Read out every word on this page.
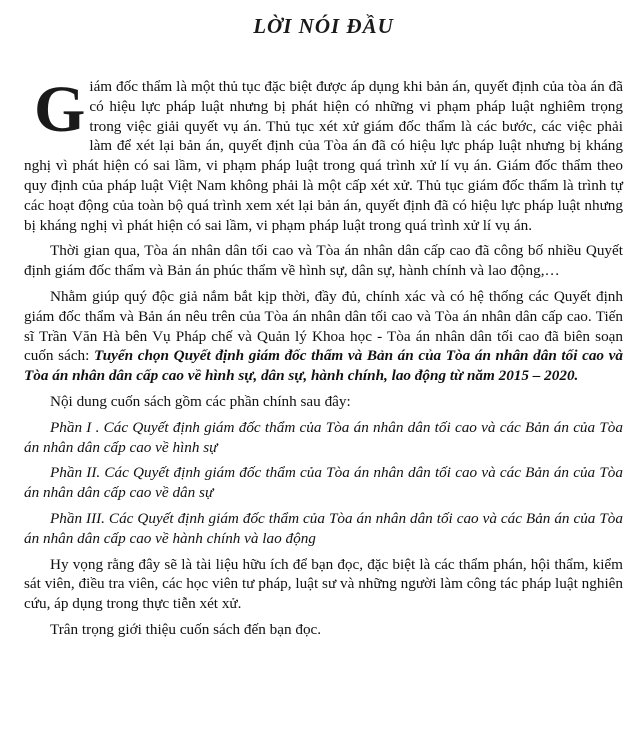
LỜI NÓI ĐẦU

Giám đốc thẩm là một thủ tục đặc biệt được áp dụng khi bản án, quyết định của tòa án đã có hiệu lực pháp luật nhưng bị phát hiện có những vi phạm pháp luật nghiêm trọng trong việc giải quyết vụ án. Thủ tục xét xử giám đốc thẩm là các bước, các việc phải làm để xét lại bản án, quyết định của Tòa án đã có hiệu lực pháp luật nhưng bị kháng nghị vì phát hiện có sai lầm, vi phạm pháp luật trong quá trình xử lí vụ án. Giám đốc thẩm theo quy định của pháp luật Việt Nam không phải là một cấp xét xử. Thủ tục giám đốc thẩm là trình tự các hoạt động của toàn bộ quá trình xem xét lại bản án, quyết định đã có hiệu lực pháp luật nhưng bị kháng nghị vì phát hiện có sai lầm, vi phạm pháp luật trong quá trình xử lí vụ án.

Thời gian qua, Tòa án nhân dân tối cao và Tòa án nhân dân cấp cao đã công bố nhiều Quyết định giám đốc thẩm và Bản án phúc thẩm về hình sự, dân sự, hành chính và lao động,…

Nhằm giúp quý độc giả nắm bắt kịp thời, đầy đủ, chính xác và có hệ thống các Quyết định giám đốc thẩm và Bản án nêu trên của Tòa án nhân dân tối cao và Tòa án nhân dân cấp cao. Tiến sĩ Trần Văn Hà bên Vụ Pháp chế và Quản lý Khoa học - Tòa án nhân dân tối cao đã biên soạn cuốn sách: Tuyển chọn Quyết định giám đốc thẩm và Bản án của Tòa án nhân dân tối cao và Tòa án nhân dân cấp cao về hình sự, dân sự, hành chính, lao động từ năm 2015 – 2020.

Nội dung cuốn sách gồm các phần chính sau đây:

Phần I . Các Quyết định giám đốc thẩm của Tòa án nhân dân tối cao và các Bản án của Tòa án nhân dân cấp cao về hình sự

Phần II. Các Quyết định giám đốc thẩm của Tòa án nhân dân tối cao và các Bản án của Tòa án nhân dân cấp cao về dân sự

Phần III. Các Quyết định giám đốc thẩm của Tòa án nhân dân tối cao và các Bản án của Tòa án nhân dân cấp cao về hành chính và lao động

Hy vọng rằng đây sẽ là tài liệu hữu ích để bạn đọc, đặc biệt là các thẩm phán, hội thẩm, kiểm sát viên, điều tra viên, các học viên tư pháp, luật sư và những người làm công tác pháp luật nghiên cứu, áp dụng trong thực tiễn xét xử.

Trân trọng giới thiệu cuốn sách đến bạn đọc.
